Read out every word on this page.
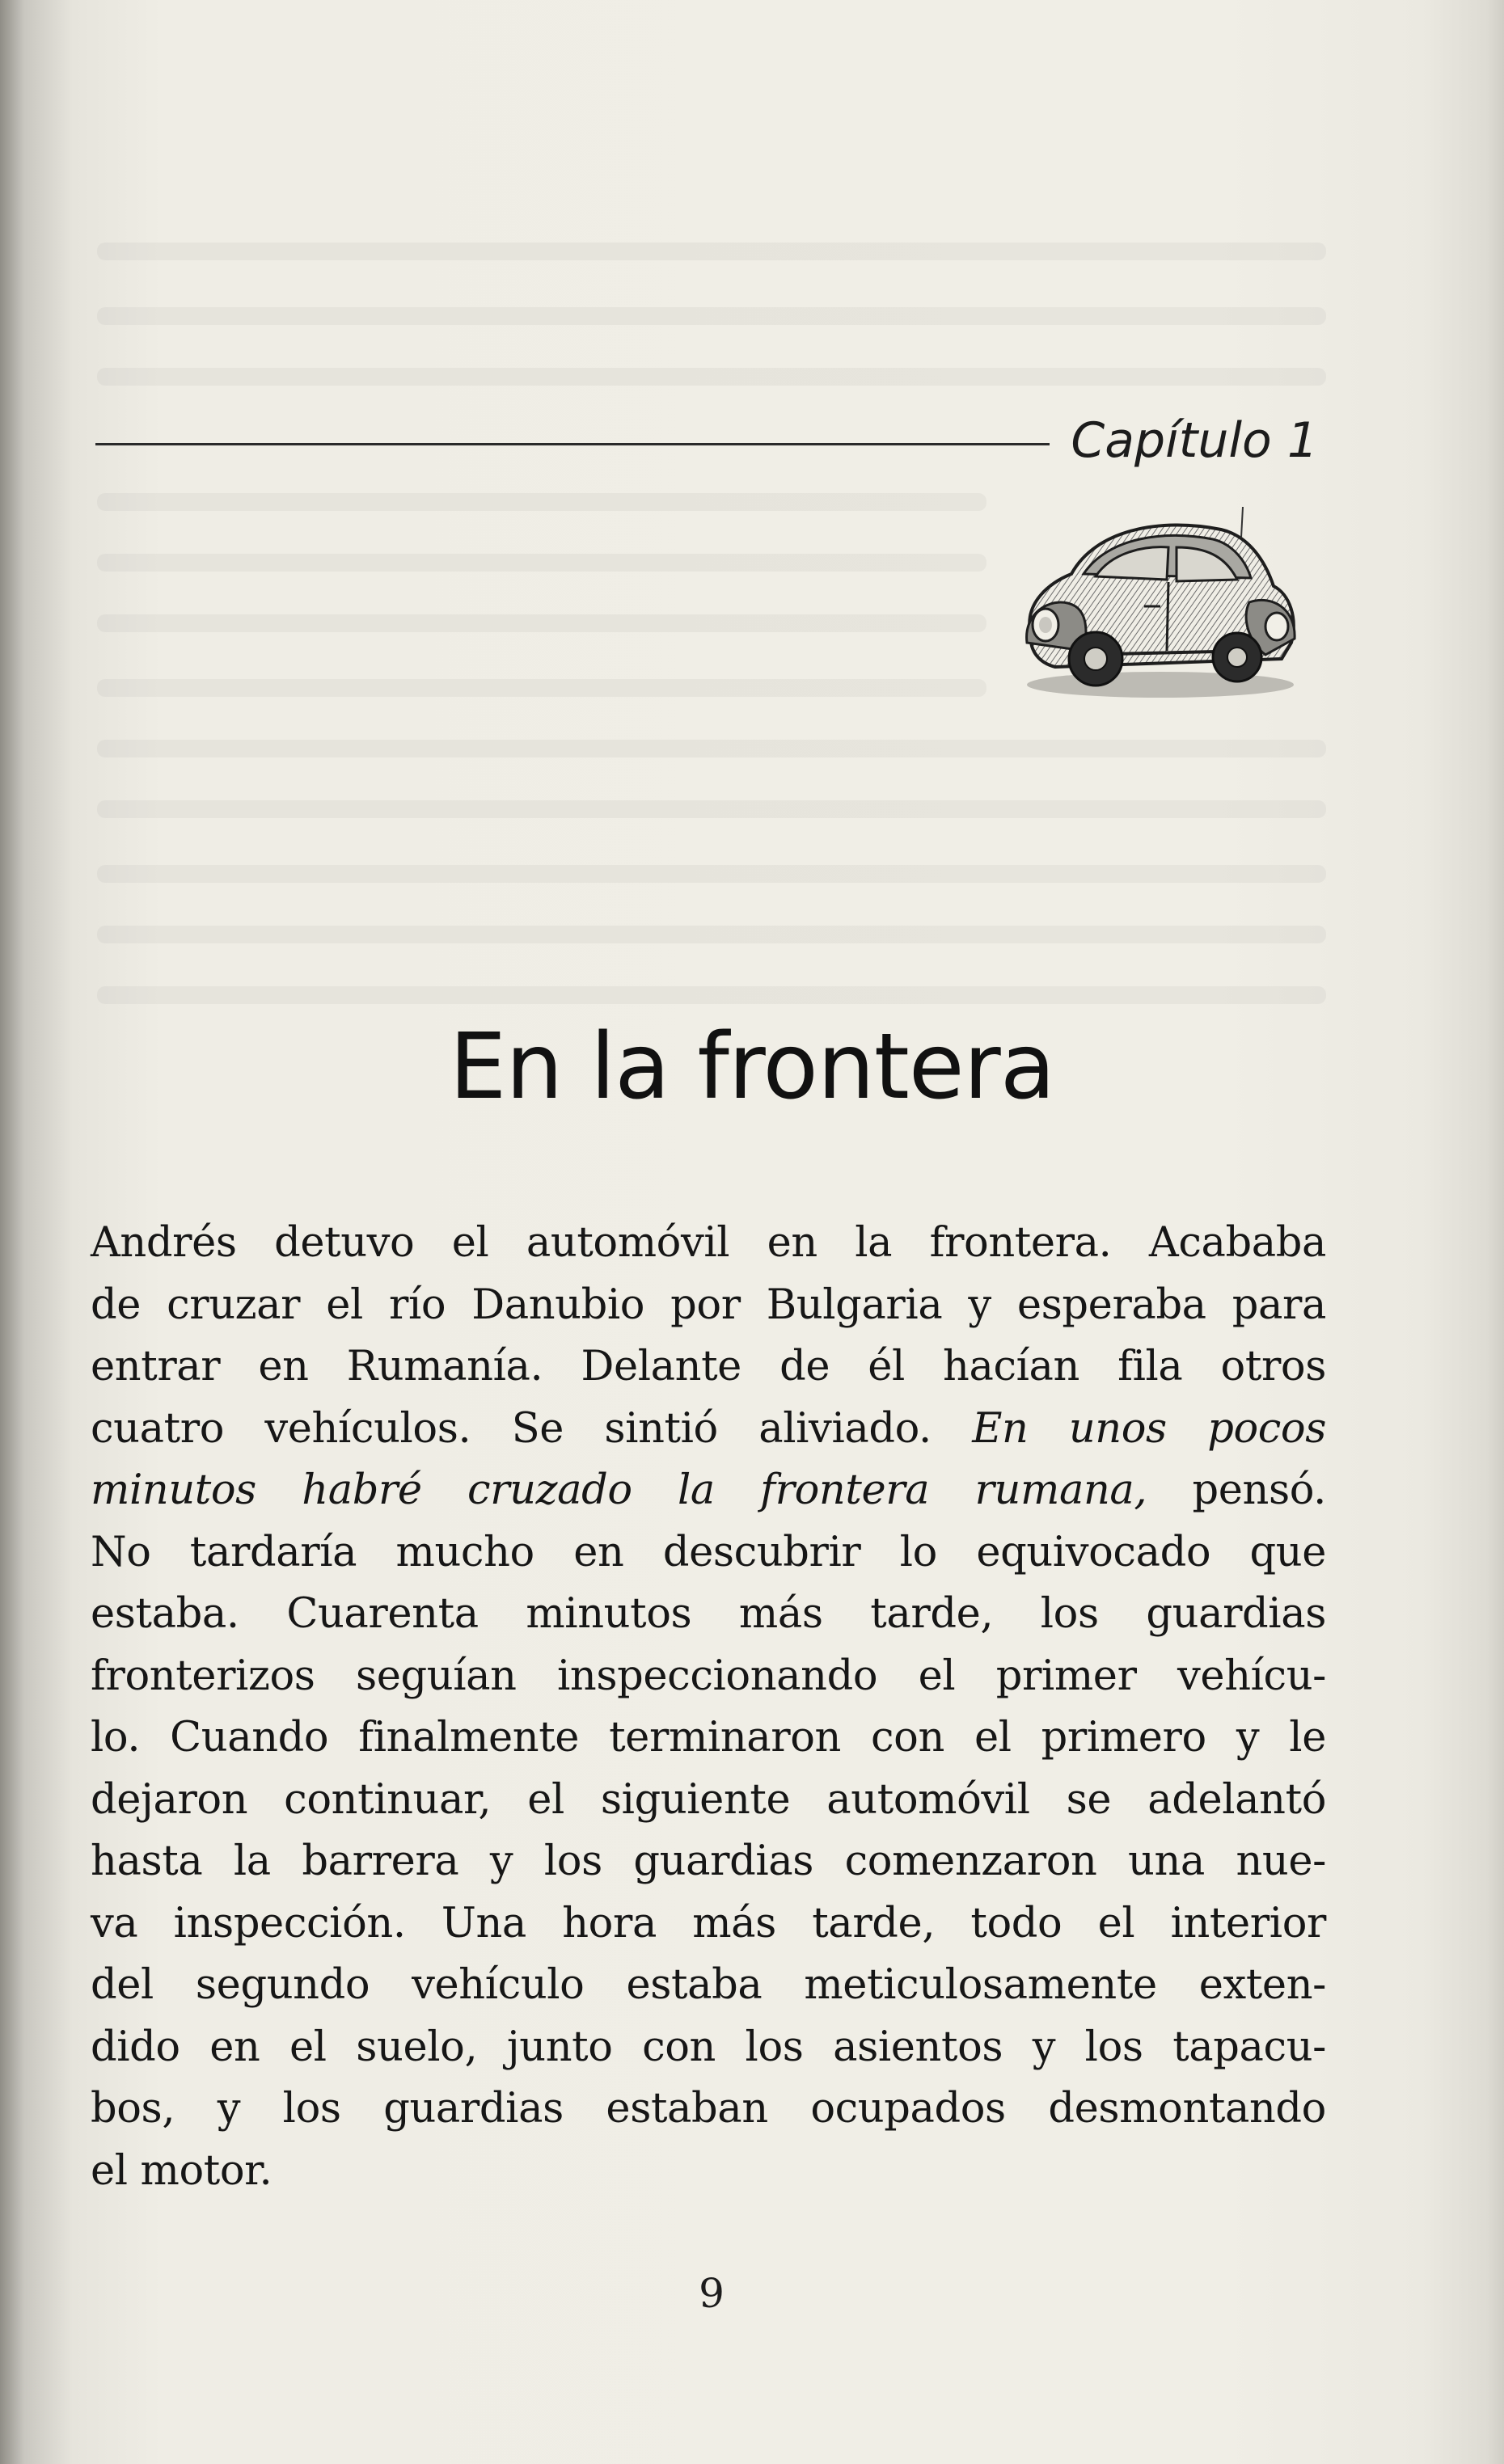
Capítulo 1
En la frontera
Andrés detuvo el automóvil en la frontera. Acababa
de cruzar el río Danubio por Bulgaria y esperaba para
entrar en Rumanía. Delante de él hacían fila otros
cuatro vehículos. Se sintió aliviado. En unos pocos
minutos habré cruzado la frontera rumana, pensó.
No tardaría mucho en descubrir lo equivocado que
estaba. Cuarenta minutos más tarde, los guardias
fronterizos seguían inspeccionando el primer vehícu-
lo. Cuando finalmente terminaron con el primero y le
dejaron continuar, el siguiente automóvil se adelantó
hasta la barrera y los guardias comenzaron una nue-
va inspección. Una hora más tarde, todo el interior
del segundo vehículo estaba meticulosamente exten-
dido en el suelo, junto con los asientos y los tapacu-
bos, y los guardias estaban ocupados desmontando
el motor.
9
